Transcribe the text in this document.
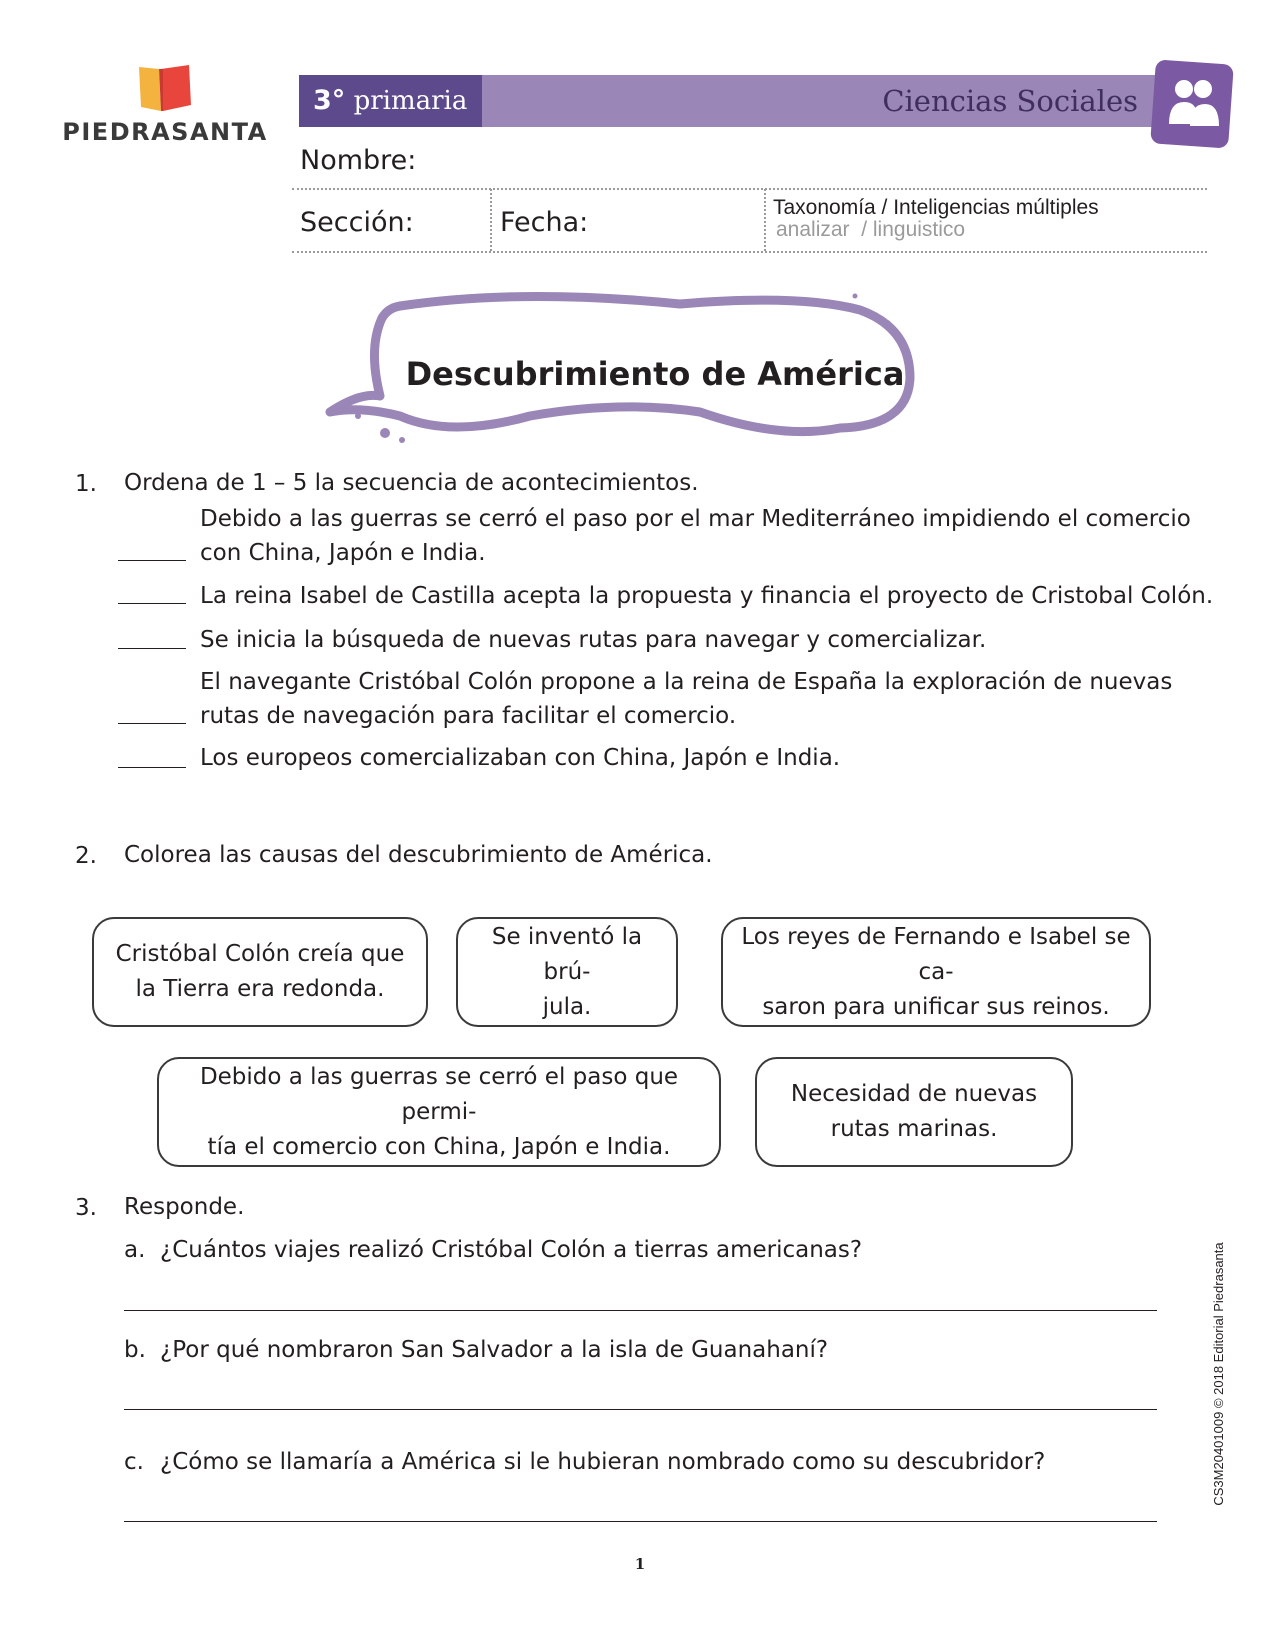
PIEDRASANTA
3° primaria	Ciencias Sociales
Nombre:
Sección:	Fecha:	Taxonomía / Inteligencias múltiples
analizar  / linguistico
Descubrimiento de América
1. Ordena de 1 – 5 la secuencia de acontecimientos.
Debido a las guerras se cerró el paso por el mar Mediterráneo impidiendo el comercio
con China, Japón e India.
La reina Isabel de Castilla acepta la propuesta y financia el proyecto de Cristobal Colón.
Se inicia la búsqueda de nuevas rutas para navegar y comercializar.
El navegante Cristóbal Colón propone a la reina de España la exploración de nuevas
rutas de navegación para facilitar el comercio.
Los europeos comercializaban con China, Japón e India.
2. Colorea las causas del descubrimiento de América.
Cristóbal Colón creía que
la Tierra era redonda.
Se inventó la brú-
jula.
Los reyes de Fernando e Isabel se ca-
saron para unificar sus reinos.
Debido a las guerras se cerró el paso que permi-
tía el comercio con China, Japón e India.
Necesidad de nuevas
rutas marinas.
3. Responde.
a. ¿Cuántos viajes realizó Cristóbal Colón a tierras americanas?
b. ¿Por qué nombraron San Salvador a la isla de Guanahaní?
c. ¿Cómo se llamaría a América si le hubieran nombrado como su descubridor?
1
CS3M20401009 © 2018 Editorial Piedrasanta
